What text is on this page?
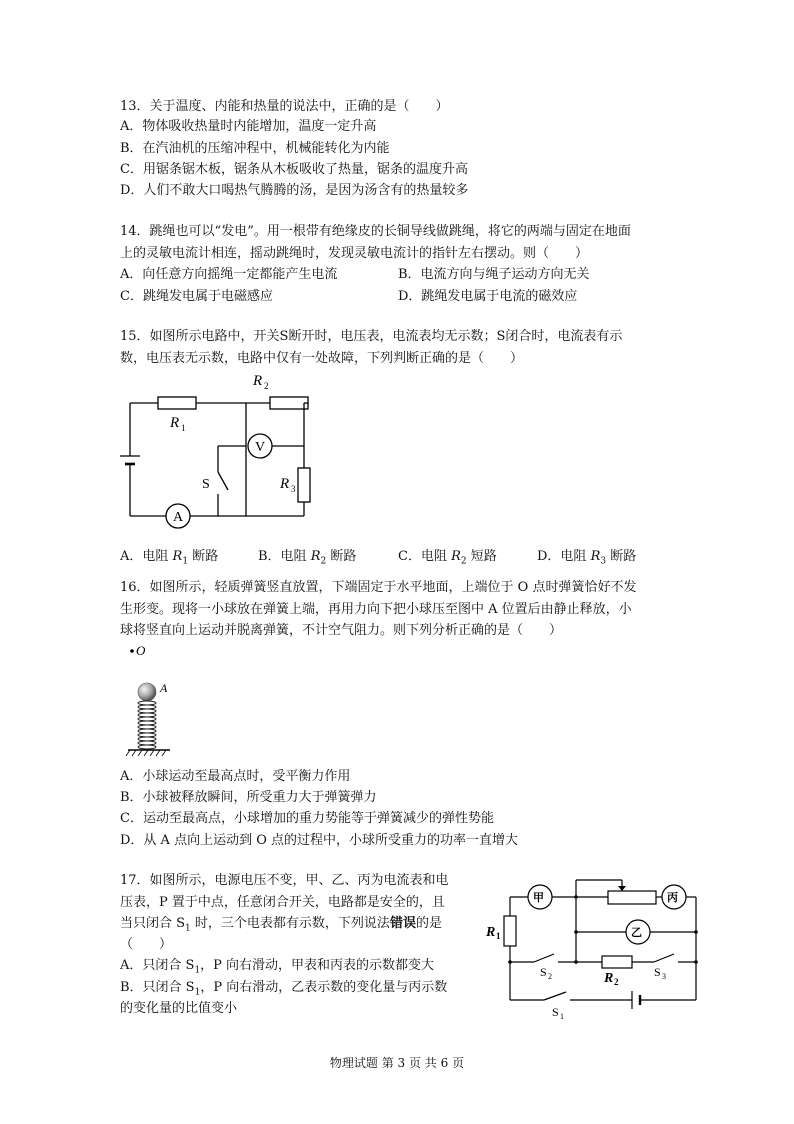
13．关于温度、内能和热量的说法中，正确的是（　　）
A．物体吸收热量时内能增加，温度一定升高
B．在汽油机的压缩冲程中，机械能转化为内能
C．用锯条锯木板，锯条从木板吸收了热量，锯条的温度升高
D．人们不敢大口喝热气腾腾的汤，是因为汤含有的热量较多
14．跳绳也可以“发电”。用一根带有绝缘皮的长铜导线做跳绳，将它的两端与固定在地面
上的灵敏电流计相连，摇动跳绳时，发现灵敏电流计的指针左右摆动。则（　　）
A．向任意方向摇绳一定都能产生电流	B．电流方向与绳子运动方向无关
C．跳绳发电属于电磁感应	D．跳绳发电属于电流的磁效应
15．如图所示电路中，开关S断开时，电压表，电流表均无示数；S闭合时，电流表有示
数，电压表无示数，电路中仅有一处故障，下列判断正确的是（　　）
R 2
R 1
R 3
V
A
S
A．电阻 $R_1$ 断路	B．电阻 $R_2$ 断路	C．电阻 $R_2$ 短路	D．电阻 $R_3$ 断路
16．如图所示，轻质弹簧竖直放置，下端固定于水平地面，上端位于 O 点时弹簧恰好不发
生形变。现将一小球放在弹簧上端，再用力向下把小球压至图中 A 位置后由静止释放，小
球将竖直向上运动并脱离弹簧，不计空气阻力。则下列分析正确的是（　　）
O
A
A．小球运动至最高点时，受平衡力作用
B．小球被释放瞬间，所受重力大于弹簧弹力
C．运动至最高点，小球增加的重力势能等于弹簧减少的弹性势能
D．从 A 点向上运动到 O 点的过程中，小球所受重力的功率一直增大
17．如图所示，电源电压不变，甲、乙、丙为电流表和电
压表，P 置于中点，任意闭合开关，电路都是安全的，且
当只闭合 $S_1$ 时，三个电表都有示数，下列说法错误的是
（　　）
A．只闭合 $S_1$，P 向右滑动，甲表和丙表的示数都变大
B．只闭合 $S_1$，P 向右滑动，乙表示数的变化量与丙示数
的变化量的比值变小
甲	丙
乙
R 1
R 2
S 2	S 3
S 1
物理试题 第 3 页 共 6 页
